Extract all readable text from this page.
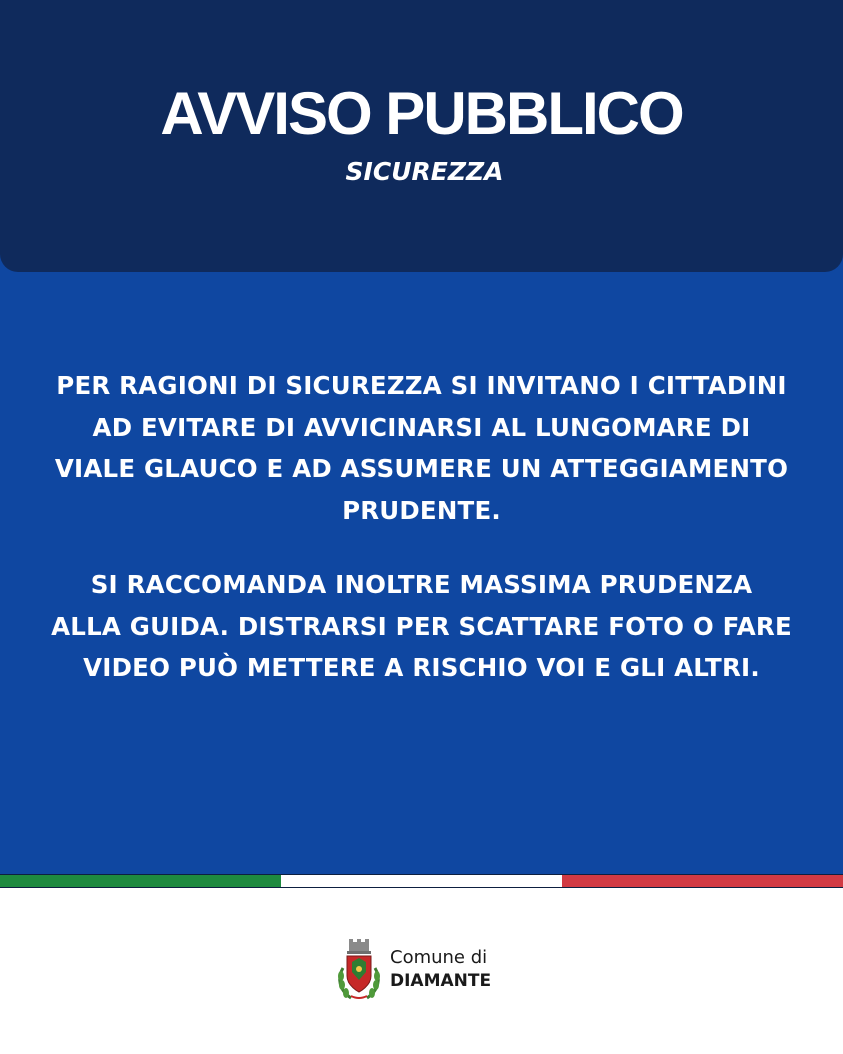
AVVISO PUBBLICO
SICUREZZA
PER RAGIONI DI SICUREZZA SI INVITANO I CITTADINI
AD EVITARE DI AVVICINARSI AL LUNGOMARE DI
VIALE GLAUCO E AD ASSUMERE UN ATTEGGIAMENTO
PRUDENTE.
SI RACCOMANDA INOLTRE MASSIMA PRUDENZA
ALLA GUIDA. DISTRARSI PER SCATTARE FOTO O FARE
VIDEO PUÒ METTERE A RISCHIO VOI E GLI ALTRI.
Comune di
DIAMANTE
